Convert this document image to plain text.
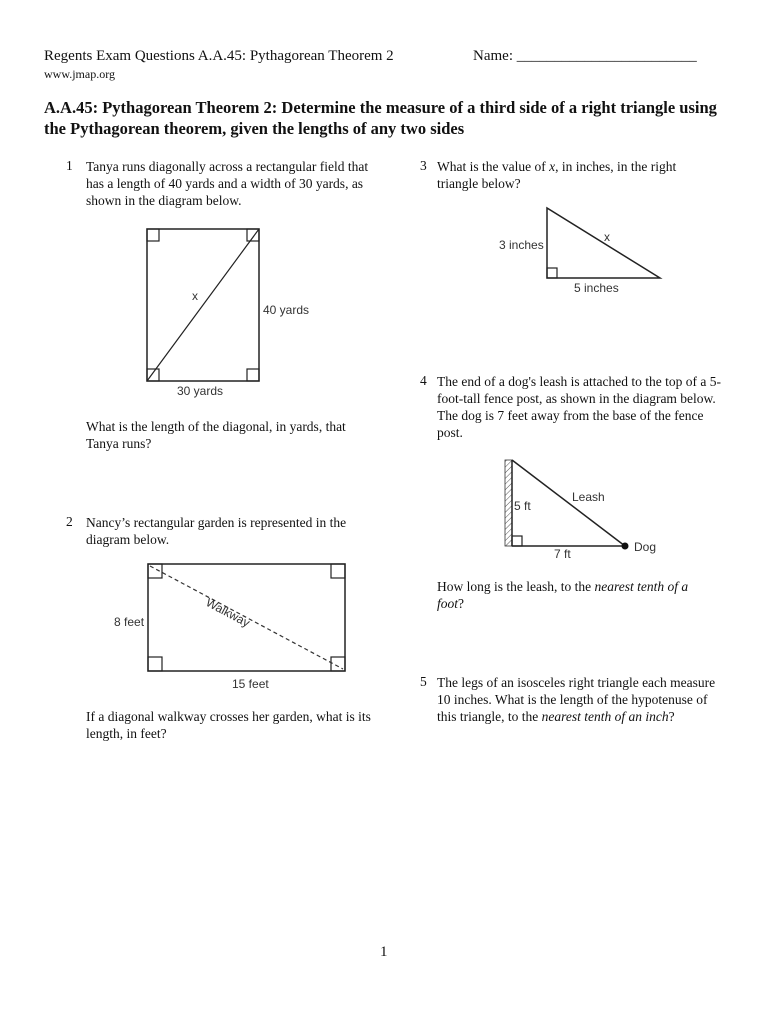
Regents Exam Questions A.A.45: Pythagorean Theorem 2	Name: ________________________
www.jmap.org
A.A.45: Pythagorean Theorem 2: Determine the measure of a third side of a right triangle using the Pythagorean theorem, given the lengths of any two sides
1 Tanya runs diagonally across a rectangular field that has a length of 40 yards and a width of 30 yards, as shown in the diagram below.
x
40 yards
30 yards
What is the length of the diagonal, in yards, that Tanya runs?
2 Nancy’s rectangular garden is represented in the diagram below.
Walkway
8 feet
15 feet
If a diagonal walkway crosses her garden, what is its length, in feet?
3 What is the value of x, in inches, in the right triangle below?
3 inches
5 inches
x
4 The end of a dog's leash is attached to the top of a 5-foot-tall fence post, as shown in the diagram below. The dog is 7 feet away from the base of the fence post.
5 ft
7 ft
Leash
Dog
How long is the leash, to the nearest tenth of a foot?
5 The legs of an isosceles right triangle each measure 10 inches. What is the length of the hypotenuse of this triangle, to the nearest tenth of an inch?
1
